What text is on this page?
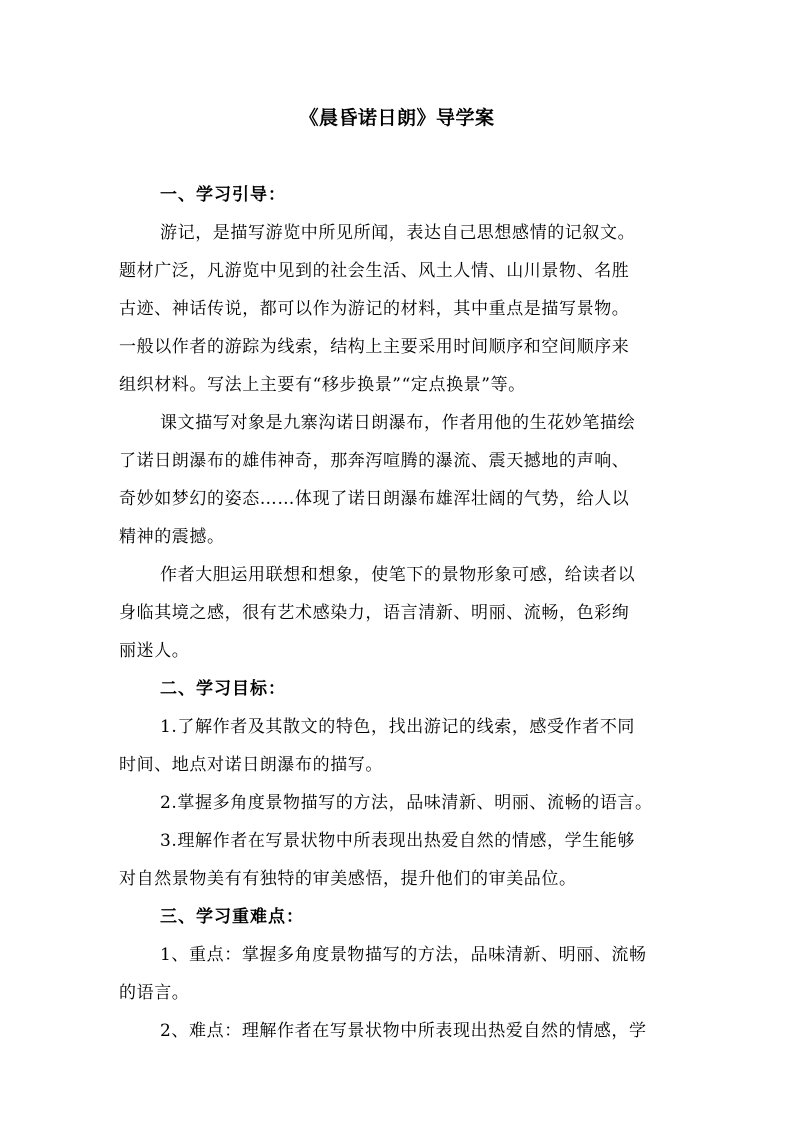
《晨昏诺日朗》导学案
一、学习引导：
游记，是描写游览中所见所闻，表达自己思想感情的记叙文。
题材广泛，凡游览中见到的社会生活、风土人情、山川景物、名胜
古迹、神话传说，都可以作为游记的材料，其中重点是描写景物。
一般以作者的游踪为线索，结构上主要采用时间顺序和空间顺序来
组织材料。写法上主要有“移步换景”“定点换景”等。
课文描写对象是九寨沟诺日朗瀑布，作者用他的生花妙笔描绘
了诺日朗瀑布的雄伟神奇，那奔泻喧腾的瀑流、震天撼地的声响、
奇妙如梦幻的姿态……体现了诺日朗瀑布雄浑壮阔的气势，给人以
精神的震撼。
作者大胆运用联想和想象，使笔下的景物形象可感，给读者以
身临其境之感，很有艺术感染力，语言清新、明丽、流畅，色彩绚
丽迷人。
二、学习目标：
1.了解作者及其散文的特色，找出游记的线索，感受作者不同
时间、地点对诺日朗瀑布的描写。
2.掌握多角度景物描写的方法，品味清新、明丽、流畅的语言。
3.理解作者在写景状物中所表现出热爱自然的情感，学生能够
对自然景物美有有独特的审美感悟，提升他们的审美品位。
三、学习重难点：
1、重点：掌握多角度景物描写的方法，品味清新、明丽、流畅
的语言。
2、难点：理解作者在写景状物中所表现出热爱自然的情感，学
